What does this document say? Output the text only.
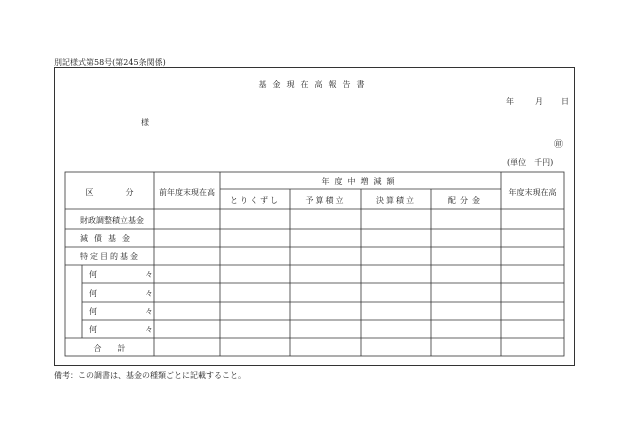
別記様式第58号(第245条関係)
基金現在高報告書
年	月 日
様
㊞
(単位　千円)
区　　　　分	前年度末現在高
年度中増減額
とりくずし	予算積立	決算積立	配分金
年度末現在高
財政調整積立基金
減債基金
特定目的基金
何	々
何	々
何	々
何	々
合　　計
備考：この調書は、基金の種類ごとに記載すること。
